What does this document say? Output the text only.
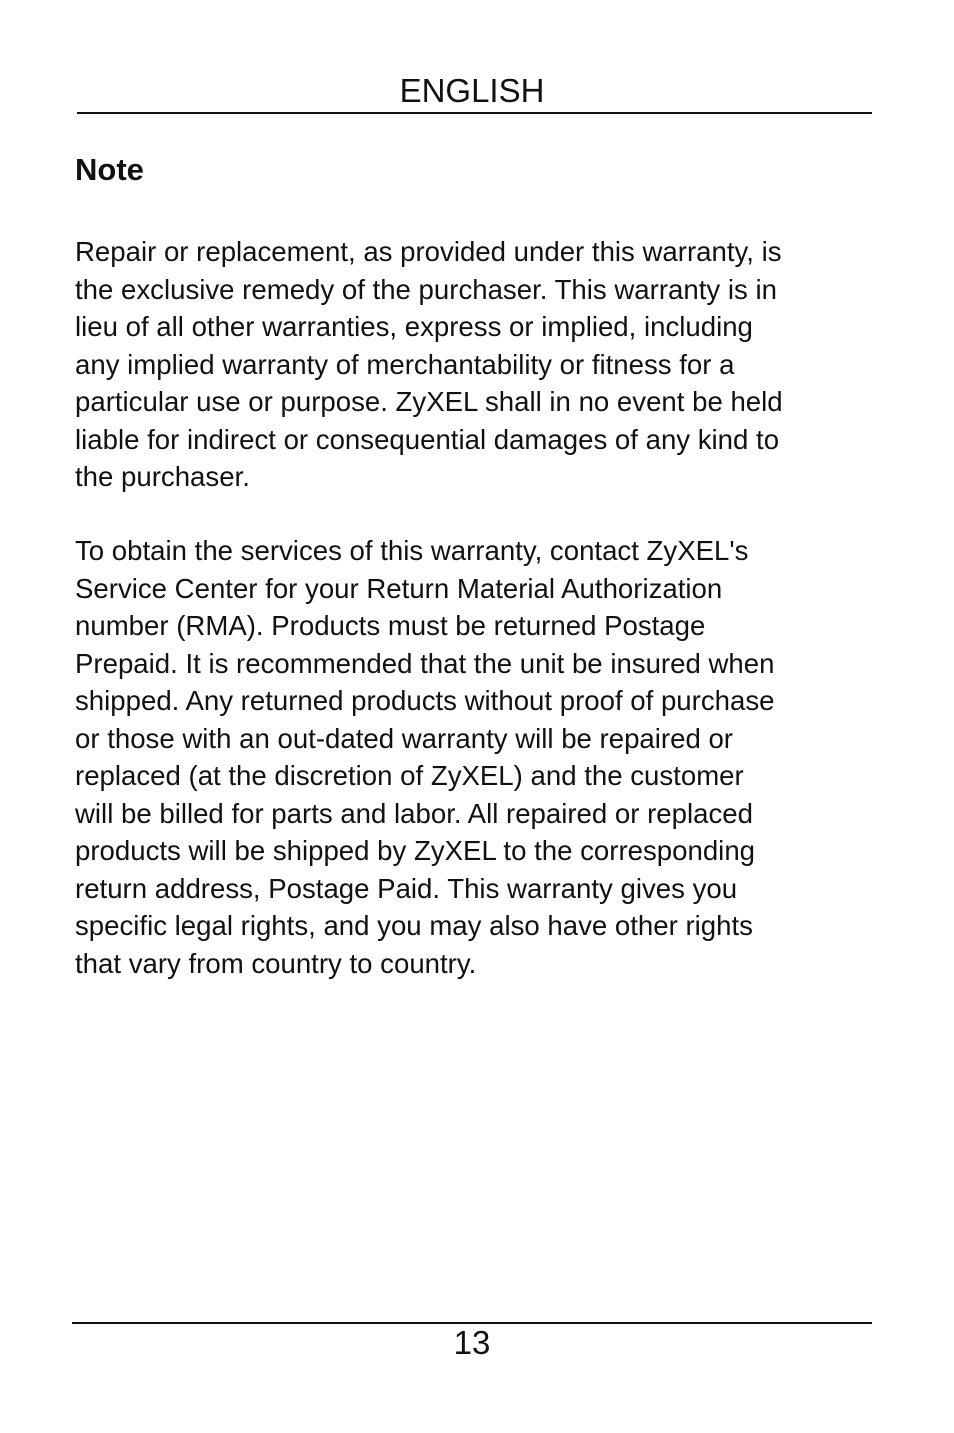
ENGLISH
Note

Repair or replacement, as provided under this warranty, is
the exclusive remedy of the purchaser. This warranty is in
lieu of all other warranties, express or implied, including
any implied warranty of merchantability or fitness for a
particular use or purpose. ZyXEL shall in no event be held
liable for indirect or consequential damages of any kind to
the purchaser.

To obtain the services of this warranty, contact ZyXEL's
Service Center for your Return Material Authorization
number (RMA). Products must be returned Postage
Prepaid. It is recommended that the unit be insured when
shipped. Any returned products without proof of purchase
or those with an out-dated warranty will be repaired or
replaced (at the discretion of ZyXEL) and the customer
will be billed for parts and labor. All repaired or replaced
products will be shipped by ZyXEL to the corresponding
return address, Postage Paid. This warranty gives you
specific legal rights, and you may also have other rights
that vary from country to country.

13
